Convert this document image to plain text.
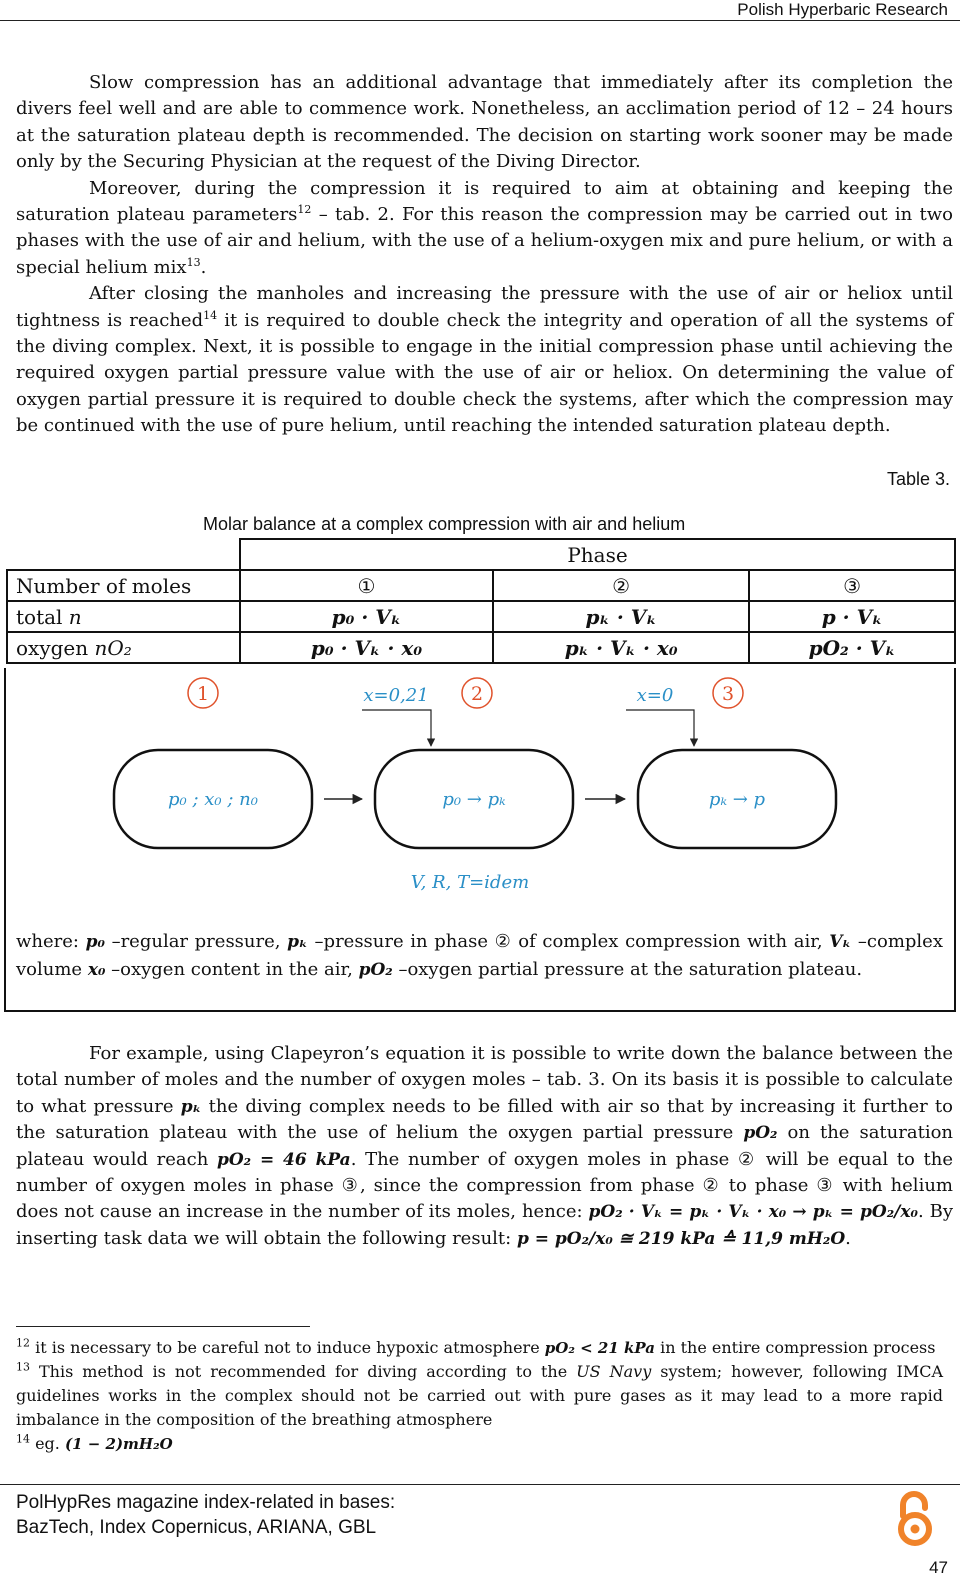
Polish Hyperbaric Research

Slow compression has an additional advantage that immediately after its completion the divers feel well and are able to commence work. Nonetheless, an acclimation period of 12 – 24 hours at the saturation plateau depth is recommended. The decision on starting work sooner may be made only by the Securing Physician at the request of the Diving Director.

Moreover, during the compression it is required to aim at obtaining and keeping the saturation plateau parameters$^{12}$ – tab. 2. For this reason the compression may be carried out in two phases with the use of air and helium, with the use of a helium-oxygen mix and pure helium, or with a special helium mix$^{13}$.

After closing the manholes and increasing the pressure with the use of air or heliox until tightness is reached$^{14}$ it is required to double check the integrity and operation of all the systems of the diving complex. Next, it is possible to engage in the initial compression phase until achieving the required oxygen partial pressure value with the use of air or heliox. On determining the value of oxygen partial pressure it is required to double check the systems, after which the compression may be continued with the use of pure helium, until reaching the intended saturation plateau depth.

Table 3.
Molar balance at a complex compression with air and helium
	Phase		
Number of moles	①	②	③
total n	p₀ · Vₖ	pₖ · Vₖ	p · Vₖ
oxygen nO₂	p₀ · Vₖ · x₀	pₖ · Vₖ · x₀	pO₂ · Vₖ
1	2	3
x=0,21	x=0
p₀ ; x₀ ; n₀	p₀ → pₖ	pₖ → p
V, R, T=idem
where: p₀ –regular pressure, pₖ –pressure in phase ② of complex compression with air, Vₖ –complex volume x₀ –oxygen content in the air, pO₂ –oxygen partial pressure at the saturation plateau.

For example, using Clapeyron’s equation it is possible to write down the balance between the total number of moles and the number of oxygen moles – tab. 3. On its basis it is possible to calculate to what pressure pₖ the diving complex needs to be filled with air so that by increasing it further to the saturation plateau with the use of helium the oxygen partial pressure pO₂ on the saturation plateau would reach pO₂ = 46 kPa. The number of oxygen moles in phase ② will be equal to the number of oxygen moles in phase ③, since the compression from phase ② to phase ③ with helium does not cause an increase in the number of its moles, hence: pO₂ · Vₖ = pₖ · Vₖ · x₀ → pₖ = pO₂/x₀. By inserting task data we will obtain the following result: p = pO₂/x₀ ≅ 219 kPa ≙ 11,9 mH₂O.

$^{12}$ it is necessary to be careful not to induce hypoxic atmosphere pO₂ < 21 kPa in the entire compression process
$^{13}$ This method is not recommended for diving according to the US Navy system; however, following IMCA guidelines works in the complex should not be carried out with pure gases as it may lead to a more rapid imbalance in the composition of the breathing atmosphere
$^{14}$ eg. (1 − 2)mH₂O
PolHypRes magazine index-related in bases:
BazTech, Index Copernicus, ARIANA, GBL
47
